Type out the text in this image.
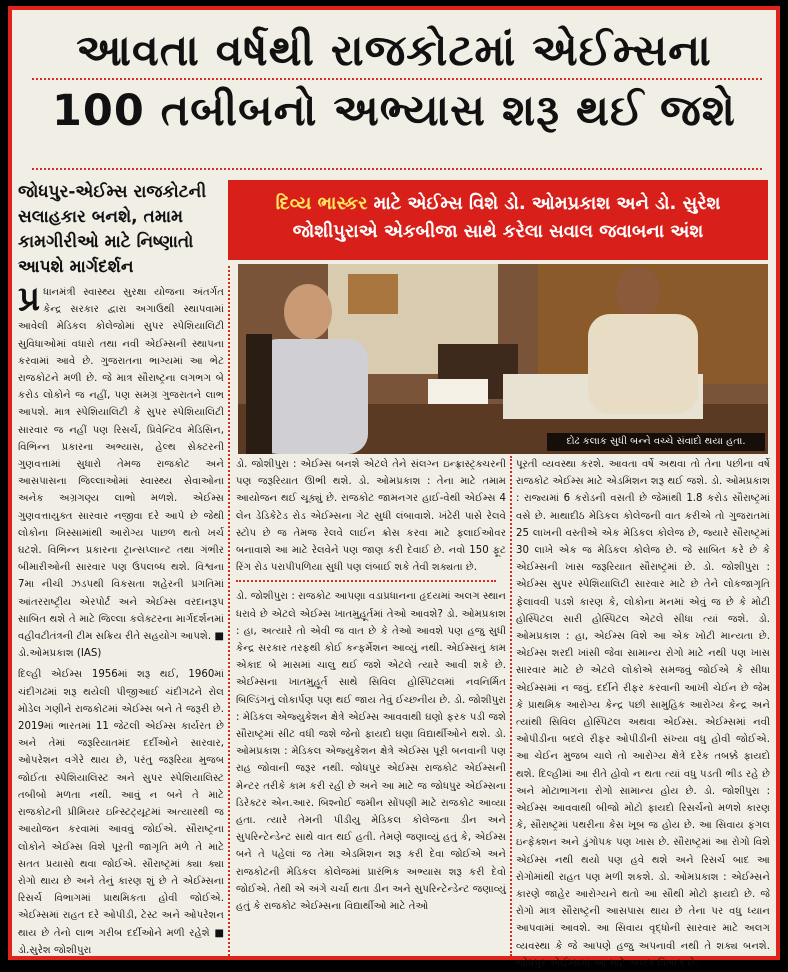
આવતા વર્ષથી રાજકોટમાં એઈમ્સના
100 તબીબનો અભ્યાસ શરૂ થઈ જશે

જોધપુર-એઈમ્સ રાજકોટની સલાહકાર બનશે, તમામ કામગીરીઓ માટે નિષ્ણાતો આપશે માર્ગદર્શન

પ્ર ધાનમંત્રી સ્વાસ્થ્ય સુરક્ષા યોજના અંતર્ગત કેન્દ્ર સરકાર દ્વારા અગાઉથી સ્થાપવામાં આવેલી મેડિકલ કોલેજોમાં સુપર સ્પેશિયાલિટી સુવિધાઓમાં વધારો તથા નવી એઈમ્સની સ્થાપના કરવામાં આવે છે. ગુજરાતના ભાગ્યમાં આ ભેટ રાજકોટને મળી છે. જે માત્ર સૌરાષ્ટ્રના લગભગ બે કરોડ લોકોને જ નહીં, પણ સમગ્ર ગુજરાતને લાભ આપશે. માત્ર સ્પેશિયાલિટી કે સુપર સ્પેશિયાલિટી સારવાર જ નહીં પણ રિસર્ચ, પ્રિવેન્ટિવ મેડિસિન, વિભિન્ન પ્રકારના અભ્યાસ, હેલ્થ સેક્ટરની ગુણવત્તામાં સુધારો તેમજ રાજકોટ અને આસપાસના જિલ્લાઓમાં સ્વાસ્થ્ય સેવાઓના અનેક અગ્રગણ્ય લાભો મળશે. એઈમ્સ ગુણવત્તાયુક્ત સારવાર નજીવા દરે આપે છે જેથી લોકોના ખિસ્સામાંથી આરોગ્ય પાછળ થતો ખર્ચ ઘટશે. વિભિન્ન પ્રકારના ટ્રાન્સપ્લાન્ટ તથા ગંભીર બીમારીઓની સારવાર પણ ઉપલબ્ધ થશે. વિશ્વના 7મા નીચી ઝડપથી વિકસતા શહેરની પ્રગતિમાં આંતરરાષ્ટ્રીય એરપોર્ટ અને એઈમ્સ વરદાનરૂપ સાબિત થશે તે માટે જિલ્લા કલેક્ટરના માર્ગદર્શનમાં વહીવટીતંત્રની ટીમ સક્રિય રીતે સહયોગ આપશે. ■ ડો.ઓમપ્રકાશ (IAS)

દિલ્હી એઈમ્સ 1956માં શરૂ થઈ, 1960માં ચંદીગઢમાં શરૂ થયેલી પીજીઆઈ ચંદીગઢને રોલ મોડેલ ગણીને રાજકોટમાં એઈમ્સ બને તે જરૂરી છે. 2019માં ભારતમાં 11 જેટલી એઈમ્સ કાર્યરત છે અને તેમાં જરૂરિયાતમંદ દર્દીઓને સારવાર, ઓપરેશન વગેરે થાય છે, પરંતુ જરૂરિયા મુજબ જોઈતા સ્પેશિયાલિસ્ટ અને સુપર સ્પેશિયાલિસ્ટ તબીબો મળતા નથી. આવું ન બને તે માટે રાજકોટની પ્રીમિયર ઇન્સ્ટિટ્યૂટમાં અત્યારથી જ આયોજન કરવામાં આવવું જોઈએ. સૌરાષ્ટ્રના લોકોને એઈમ્સ વિશે પૂરતી જાગૃતિ મળે તે માટે સતત પ્રયાસો થવા જોઈએ. સૌરાષ્ટ્રમાં ક્યા ક્યા રોગો થાય છે અને તેનું કારણ શું છે તે એઈમ્સના રિસર્ચ વિભાગમાં પ્રાથમિકતા હોવી જોઈએ. એઈમ્સમાં રાહત દરે ઓપીડી, ટેસ્ટ અને ઓપરેશન થાય છે તેનો લાભ ગરીબ દર્દીઓને મળી રહેશે ■ ડો.સુરેશ જોશીપુરા

દિવ્ય ભાસ્કર માટે એઈમ્સ વિશે ડો. ઓમપ્રકાશ અને ડો. સુરેશ
જોશીપુરાએ એકબીજા સાથે કરેલા સવાલ જવાબના અંશ
દોઢ કલાક સુધી બન્ને વચ્ચે સંવાદો થયા હતા.

ડો. જોશીપુરા : એઈમ્સ બનશે એટલે તેને સંલગ્ન ઇન્ફ્રાસ્ટ્રક્ચરની પણ જરૂરિયાત ઊભી થશે. ડો. ઓમપ્રકાશ : તેના માટે તમામ આયોજન થઈ ચૂક્યું છે. રાજકોટ જામનગર હાઈ-વેથી એઈમ્સ 4 લેન ડેડિકેટેડ રોડ એઈમ્સના ગેટ સુધી લંબાવાશે. ખંઢેરી પાસે રેલવે સ્ટોપ છે જ તેમજ રેલવે લાઈન ક્રોસ કરવા માટે ફ્લાઈઓવર બનાવાશે આ માટે રેલવેને પણ જાણ કરી દેવાઈ છે. નવો 150 ફૂટ રિંગ રોડ પરાપીપળિયા સુધી પણ લંબાઈ શકે તેવી શક્યતા છે.

ડો. જોશીપુરા : રાજકોટ આપણા વડાપ્રધાનના હૃદયમાં અલગ સ્થાન ધરાવે છે એટલે એઈમ્સ ખાતમુહૂર્તમાં તેઓ આવશે? ડો. ઓમપ્રકાશ : હા, અત્યારે તો એવી જ વાત છે કે તેઓ આવશે પણ હજુ સુધી કેન્દ્ર સરકાર તરફથી કોઈ કન્ફર્મેશન આવ્યું નથી. એઈમ્સનું કામ એકાદ બે માસમાં ચાલુ થઈ જશે એટલે ત્યારે આવી શકે છે. એઈમ્સના ખાતમુહૂર્ત સાથે સિવિલ હોસ્પિટલમાં નવનિર્મિત બિલ્ડિંગનું લોકાર્પણ પણ થઈ જાય તેવું ઈચ્છનીય છે. ડો. જોશીપુરા : મેડિકલ એજ્યુકેશન ક્ષેત્રે એઈમ્સ આવવાથી ઘણો ફરક પડી જશે સૌરાષ્ટ્રમાં સીટ વધી જશે જેનો ફાયદો ઘણા વિદ્યાર્થીઓને થશે. ડો. ઓમપ્રકાશ : મેડિકલ એજ્યુકેશન ક્ષેત્રે એઈમ્સ પૂરી બનવાની પણ રાહ જોવાની જરૂર નથી. જોધપુર એઈમ્સ રાજકોટ એઈમ્સની મેન્ટર તરીકે કામ કરી રહી છે અને આ માટે જ જોધપુર એઈમ્સના ડિરેક્ટર એન.આર. બિશ્નોઈ જમીન સોંપણી માટે રાજકોટ આવ્યા હતા. ત્યારે તેમની પીડીયુ મેડિકલ કોલેજના ડીન અને સુપરિન્ટેન્ડેન્ટ સાથે વાત થઈ હતી. તેમણે જણાવ્યું હતું કે, એઈમ્સ બને તે પહેલાં જ તેમા એડમિશન શરૂ કરી દેવા જોઈએ અને રાજકોટની મેડિકલ કોલેજમાં પ્રારંભિક અભ્યાસ શરૂ કરી દેવો જોઈએ. તેથી એ અંગે ચર્ચા થતા ડીન અને સુપરિન્ટેન્ડેન્ટ જણાવ્યું હતું કે રાજકોટ એઈમ્સના વિદ્યાર્થીઓ માટે તેઓ

પૂરતી વ્યવસ્થા કરશે. આવતા વર્ષે અથવા તો તેના પછીના વર્ષે રાજકોટ એઈમ્સ માટે એડમિશન શરૂ થઈ જશે. ડો. ઓમપ્રકાશ : રાજ્યમાં 6 કરોડની વસતી છે જેમાંથી 1.8 કરોડ સૌરાષ્ટ્રમાં વસે છે. માથાદીઠ મેડિકલ કોલેજની વાત કરીએ તો ગુજરાતમાં 25 લાખની વસ્તીએ એક મેડિકલ કોલેજ છે, જ્યારે સૌરાષ્ટ્રમાં 30 લાખે એક જ મેડિકલ કોલેજ છે. જે સાબિત કરે છે કે એઈમ્સની ખાસ જરૂરિયાત સૌરાષ્ટ્રમાં છે. ડો. જોશીપુરા : એઈમ્સ સુપર સ્પેશિયાલિટી સારવાર માટે છે તેને લોકજાગૃતિ ફેલાવવી પડશે કારણ કે, લોકોના મનમાં એવું જ છે કે મોટી હોસ્પિટલ સારી હોસ્પિટલ એટલે સીધા ત્યાં જશે. ડો. ઓમપ્રકાશ : હા, એઈમ્સ વિશે આ એક ખોટી માન્યતા છે. એઈમ્સ શરદી ખાંસી જેવા સામાન્ય રોગો માટે નથી પણ ખાસ સારવાર માટે છે એટલે લોકોએ સમજવું જોઈએ કે સીધા એઈમ્સમાં ન જવું. દર્દીને રીફર કરવાની આખી ચેઈન છે જેમ કે પ્રાથમિક આરોગ્ય કેન્દ્ર પછી સામુહિક આરોગ્ય કેન્દ્ર અને ત્યાંથી સિવિલ હોસ્પિટલ અથવા એઈમ્સ. એઈમ્સમાં નવી ઓપીડીના બદલે રીફર ઓપીડીની સંખ્યા વધુ હોવી જોઈએ. આ ચેઈન મુજબ ચાલે તો આરોગ્ય ક્ષેત્રે દરેક તબક્કે ફાયદો થશે. દિલ્હીમાં આ રીતે હોવો ન થતા ત્યાં વધુ પડતી ભીડ રહે છે અને મોટાભાગના રોગો સામાન્ય હોય છે. ડો. જોશીપુરા : એઈમ્સ આવવાથી બીજો મોટો ફાયદો રિસર્ચનો મળશે કારણ કે, સૌરાષ્ટ્રમાં પથરીના કેસ ખૂબ જ હોય છે. આ સિવાય ફંગલ ઇન્ફેક્શન અને ડુંગોપક પણ ખાસ છે. સૌરાષ્ટ્રમાં આ રોગો વિશે એઈમ્સ નથી થયો પણ હવે થશે અને રિસર્ચ બાદ આ રોગોમાંથી રાહત પણ મળી શકશે. ડો. ઓમપ્રકાશ : એઈમ્સને કારણે જાહેર આરોગ્યને થતો આ સૌથી મોટો ફાયદો છે. જે રોગો માત્ર સૌરાષ્ટ્રની આસપાસ થાય છે તેના પર વધુ ધ્યાન આપવામાં આવશે. આ સિવાય વૃદ્ધોની સારવાર માટે અલગ વ્યવસ્થા કે જે આપણે હજુ અપનાવી નથી તે શક્ય બનશે. જોધપુર એઈમ્સમાં આ માટે અલગ વિભાગ છે.
